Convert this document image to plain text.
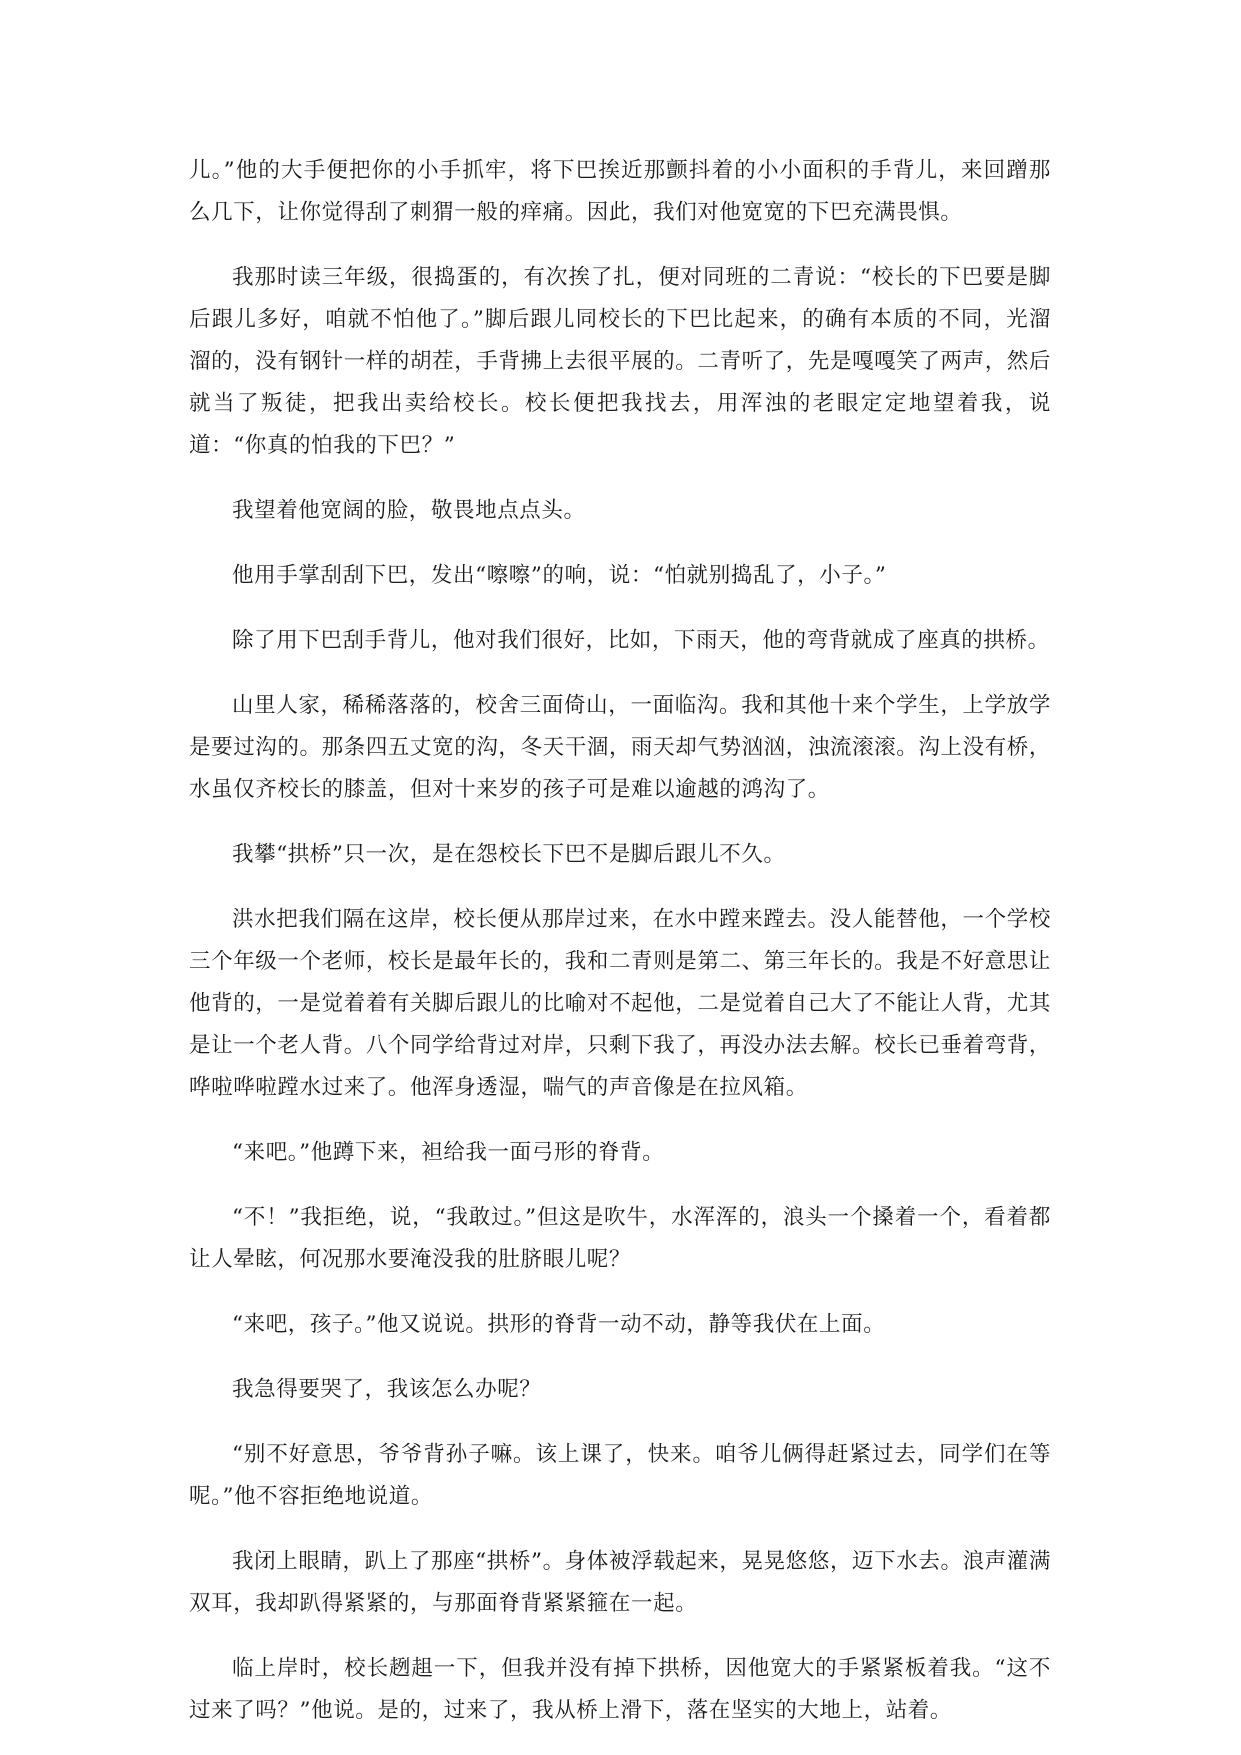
儿。”他的大手便把你的小手抓牢，将下巴挨近那颤抖着的小小面积的手背儿，来回蹭那么几下，让你觉得刮了刺猬一般的痒痛。因此，我们对他宽宽的下巴充满畏惧。

我那时读三年级，很捣蛋的，有次挨了扎，便对同班的二青说：“校长的下巴要是脚后跟儿多好，咱就不怕他了。”脚后跟儿同校长的下巴比起来，的确有本质的不同，光溜溜的，没有钢针一样的胡茬，手背拂上去很平展的。二青听了，先是嘎嘎笑了两声，然后就当了叛徒，把我出卖给校长。校长便把我找去，用浑浊的老眼定定地望着我，说道：“你真的怕我的下巴？”

我望着他宽阔的脸，敬畏地点点头。

他用手掌刮刮下巴，发出“嚓嚓”的响，说：“怕就别捣乱了，小子。”

除了用下巴刮手背儿，他对我们很好，比如，下雨天，他的弯背就成了座真的拱桥。

山里人家，稀稀落落的，校舍三面倚山，一面临沟。我和其他十来个学生，上学放学是要过沟的。那条四五丈宽的沟，冬天干涸，雨天却气势汹汹，浊流滚滚。沟上没有桥，水虽仅齐校长的膝盖，但对十来岁的孩子可是难以逾越的鸿沟了。

我攀“拱桥”只一次，是在怨校长下巴不是脚后跟儿不久。

洪水把我们隔在这岸，校长便从那岸过来，在水中蹚来蹚去。没人能替他，一个学校三个年级一个老师，校长是最年长的，我和二青则是第二、第三年长的。我是不好意思让他背的，一是觉着着有关脚后跟儿的比喻对不起他，二是觉着自己大了不能让人背，尤其是让一个老人背。八个同学给背过对岸，只剩下我了，再没办法去解。校长已垂着弯背，哗啦哗啦蹚水过来了。他浑身透湿，喘气的声音像是在拉风箱。

“来吧。”他蹲下来，袒给我一面弓形的脊背。

“不！”我拒绝，说，“我敢过。”但这是吹牛，水浑浑的，浪头一个搡着一个，看着都让人晕眩，何况那水要淹没我的肚脐眼儿呢？

“来吧，孩子。”他又说说。拱形的脊背一动不动，静等我伏在上面。

我急得要哭了，我该怎么办呢？

“别不好意思，爷爷背孙子嘛。该上课了，快来。咱爷儿俩得赶紧过去，同学们在等呢。”他不容拒绝地说道。

我闭上眼睛，趴上了那座“拱桥”。身体被浮载起来，晃晃悠悠，迈下水去。浪声灌满双耳，我却趴得紧紧的，与那面脊背紧紧箍在一起。

临上岸时，校长趔趄一下，但我并没有掉下拱桥，因他宽大的手紧紧板着我。“这不过来了吗？”他说。是的，过来了，我从桥上滑下，落在坚实的大地上，站着。
